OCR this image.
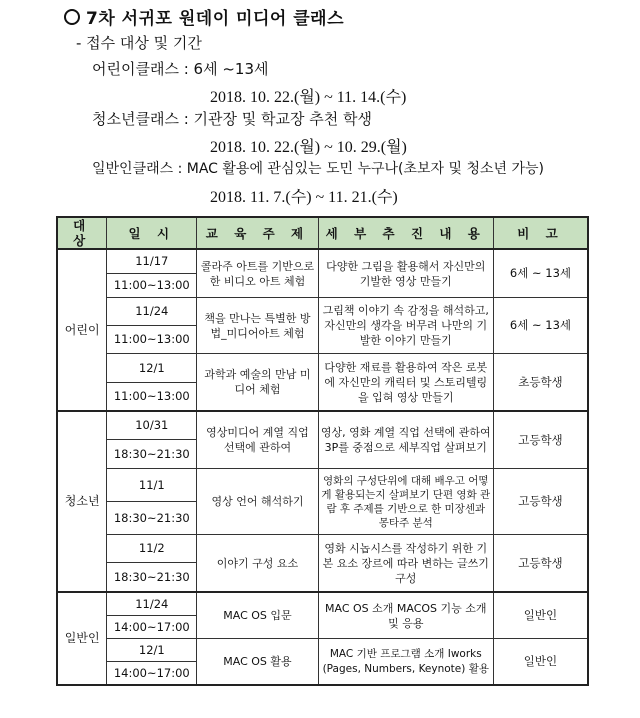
7차 서귀포 원데이 미디어 클래스
- 접수 대상 및 기간
어린이클래스 : 6세 ~13세
2018. 10. 22.(월) ~ 11. 14.(수)
청소년클래스 : 기관장 및 학교장 추천 학생
2018. 10. 22.(월) ~ 10. 29.(월)
일반인클래스 : MAC 활용에 관심있는 도민 누구나(초보자 및 청소년 가능)
2018. 11. 7.(수) ~ 11. 21.(수)
대 상	일 시	교 육 주 제	세 부 추 진 내 용	비 고
어린이	11/17	콜라주 아트를 기반으로 한 비디오 아트 체험	다양한 그림을 활용해서 자신만의 기발한 영상 만들기	6세 ~ 13세
	11:00~13:00			
	11/24	책을 만나는 특별한 방법_미디어아트 체험	그림책 이야기 속 감정을 해석하고, 자신만의 생각을 버무려 나만의 기발한 이야기 만들기	6세 ~ 13세
	11:00~13:00			
	12/1	과학과 예술의 만남 미디어 체험	다양한 재료를 활용하여 작은 로봇에 자신만의 캐릭터 및 스토리텔링을 입혀 영상 만들기	초등학생
	11:00~13:00			
청소년	10/31	영상미디어 계열 직업 선택에 관하여	영상, 영화 계열 직업 선택에 관하여 3P를 중점으로 세부직업 살펴보기	고등학생
	18:30~21:30			
	11/1	영상 언어 해석하기	영화의 구성단위에 대해 배우고 어떻게 활용되는지 살펴보기 단편 영화 관람 후 주제를 기반으로 한 미장센과 몽타주 분석	고등학생
	18:30~21:30			
	11/2	이야기 구성 요소	영화 시놉시스를 작성하기 위한 기본 요소 장르에 따라 변하는 글쓰기 구성	고등학생
	18:30~21:30			
일반인	11/24	MAC OS 입문	MAC OS 소개 MACOS 기능 소개 및 응용	일반인
	14:00~17:00			
	12/1	MAC OS 활용	MAC 기반 프로그램 소개 Iworks (Pages, Numbers, Keynote) 활용	일반인
	14:00~17:00			
